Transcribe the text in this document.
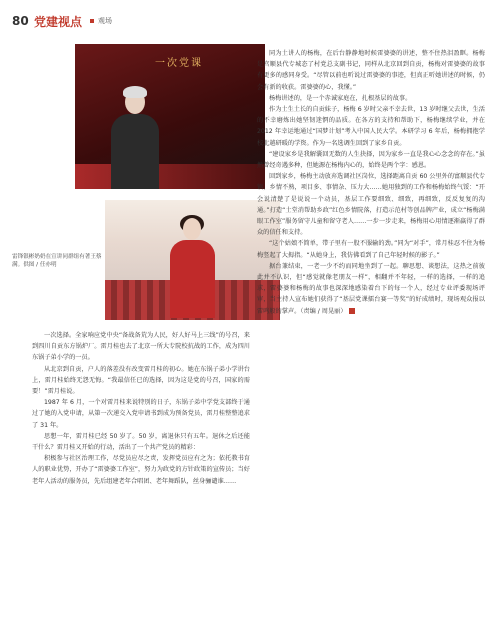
80 党建视点 观场
一次党课
雷锋银彬奶奶在宣讲同群组有著王蔡满。供图 / 任亦明

一次选择。全家响应党中央“备战备荒为人民，好人好马上三线”的号召，来到四川自贡东方锅炉厂。雷月桂也去了北京一所大专院校抗战的工作，成为四川东锅子弟小学的一员。

从北京到自贡，户人的落差没有改变雷月桂的初心。她在东锅子弟小学讲台上，雷月桂始终无怨无悔。“我最信任已的选择，因为这是党的号召，国家的需要！”雷月桂说。

1987 年 6 月，一个对雷月桂来说特别的日子，东锅子弟中学党支部终于通过了她的入党申请，从第一次递交入党申请书到成为预备党员，雷月桂整整追求了 31 年。

思想一年，雷月桂已经 50 岁了。50 岁，离退休只有五年。退休之后还能干什么？雷月桂又开始的行动，活出了一个共产党员的精彩：

积极参与社区治理工作，尽党员应尽之责，发挥党员应有之为；依托教书育人的职业优势，开办了“雷婆婆工作室”，努力为政党的方针政策的宣传员；当好老年人活动的服务员，先后组建老年合唱团、老年舞蹈队，丝身骊谴谁……

同为土讲人的杨梅，在后台静静地时候雷婆婆的讲述，整不住热泪盈眶。杨梅是宫顺县代专城态了村党总支副书记，同样从北京回到自贡，杨梅对雷婆婆的故事有更多的感同身受。“尽管以前也听说过雷婆婆的事迹，但真正听她讲述的时候，仍会有新的收获。雷婆婆的心，我懂。”

杨梅讲述的，是一个赤诚家庭在，扎根基层的故事。

作为土生土长的自贡妹子，杨梅 6 岁时父亲不幸去世，13 岁时继父去世，生活的不幸磨炼出她坚韧迷惘的品质。在各方的支持和帮助下，杨梅继续学业，并在 2012 年幸运地通过“国梦计划”考入中国人民大学。本研学习 6 年后，杨梅拥抱学校北越研暖的学资。作为一名选调生回到了家乡自贡。

“建设家乡是我解囊回无数的人生抉择，因为家乡一直是我心心念念的存在。”虽然曾经奇遇多种，但她源在杨梅内心的，始终是两个字：感恩。

回到家乡，杨梅主动放弃选调社区岗位，选择距离自贡 60 公里外的富顺县代专镇，乡情不熟，项目多、事情杂、压力大……她用独到的工作和杨梅始终气馁：“开会说清楚了是说说一个动员，基层工作要细致、细致，再细致，反反复复的沟通。”打造“土堂消帮助乡政”红色乡情院落，打造示范村等创品牌产业，成立“杨梅满眼工作室”服务留守儿童和留守老人……一步一步走来，杨梅用心用情逐渐赢得了群众的信任和支持。

“这个姑娘不简单，带子里有一股不服输的劲。”同为“对手”，常月桂忍不住为杨梅竖起了大拇指。“从她身上，我仿佛看到了自己年轻时候的影子。”

据台兼结束，一老一少不约而同地坐到了一起。聊思想、谈想法，这热之前彼此并不认识，但“感觉就像老朋友一样”，相翻并不年轻，一样的选择，一样的追求，雷婆婆和杨梅的故事也深深地感染着台下的每一个人，经过专业评委现场评审，当主持人宣布她们获得了“基层党课擂台赛一等奖”的好成绩时，现场观众报以雷鸣般的掌声。（责编 / 周晃丽）
